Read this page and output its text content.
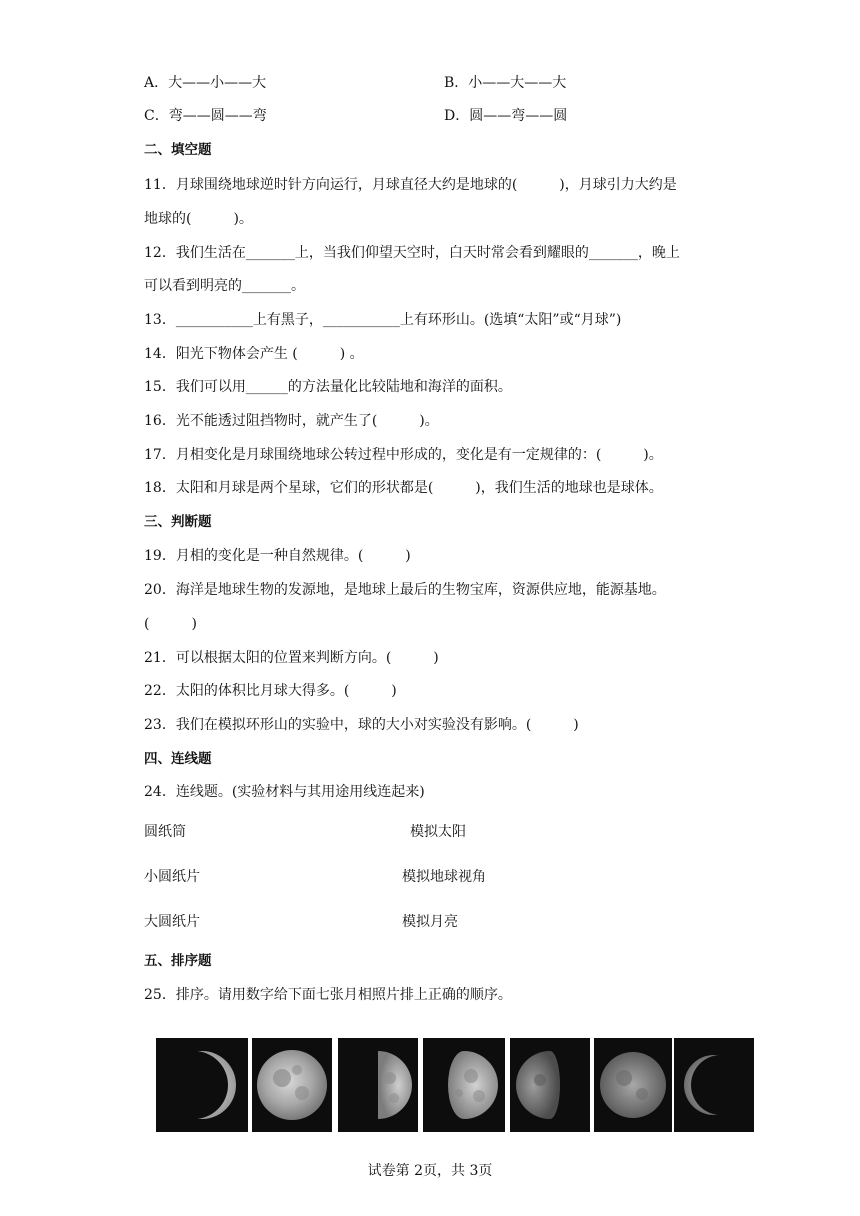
A．大——小——大	B．小——大——大
C．弯——圆——弯	D．圆——弯——圆
二、填空题
11．月球围绕地球逆时针方向运行，月球直径大约是地球的(　　　)，月球引力大约是
地球的(　　　)。
12．我们生活在_______上，当我们仰望天空时，白天时常会看到耀眼的_______，晚上
可以看到明亮的_______。
13．___________上有黑子，___________上有环形山。(选填“太阳”或“月球”)
14．阳光下物体会产生 (　　　) 。
15．我们可以用______的方法量化比较陆地和海洋的面积。
16．光不能透过阻挡物时，就产生了(　　　)。
17．月相变化是月球围绕地球公转过程中形成的，变化是有一定规律的：(　　　)。
18．太阳和月球是两个星球，它们的形状都是(　　　)，我们生活的地球也是球体。
三、判断题
19．月相的变化是一种自然规律。(　　　)
20．海洋是地球生物的发源地，是地球上最后的生物宝库，资源供应地，能源基地。
(　　　)
21．可以根据太阳的位置来判断方向。(　　　)
22．太阳的体积比月球大得多。(　　　)
23．我们在模拟环形山的实验中，球的大小对实验没有影响。(　　　)
四、连线题
24．连线题。(实验材料与其用途用线连起来)
圆纸筒	模拟太阳
小圆纸片	模拟地球视角
大圆纸片	模拟月亮
五、排序题
25．排序。请用数字给下面七张月相照片排上正确的顺序。
试卷第 2页，共 3页
